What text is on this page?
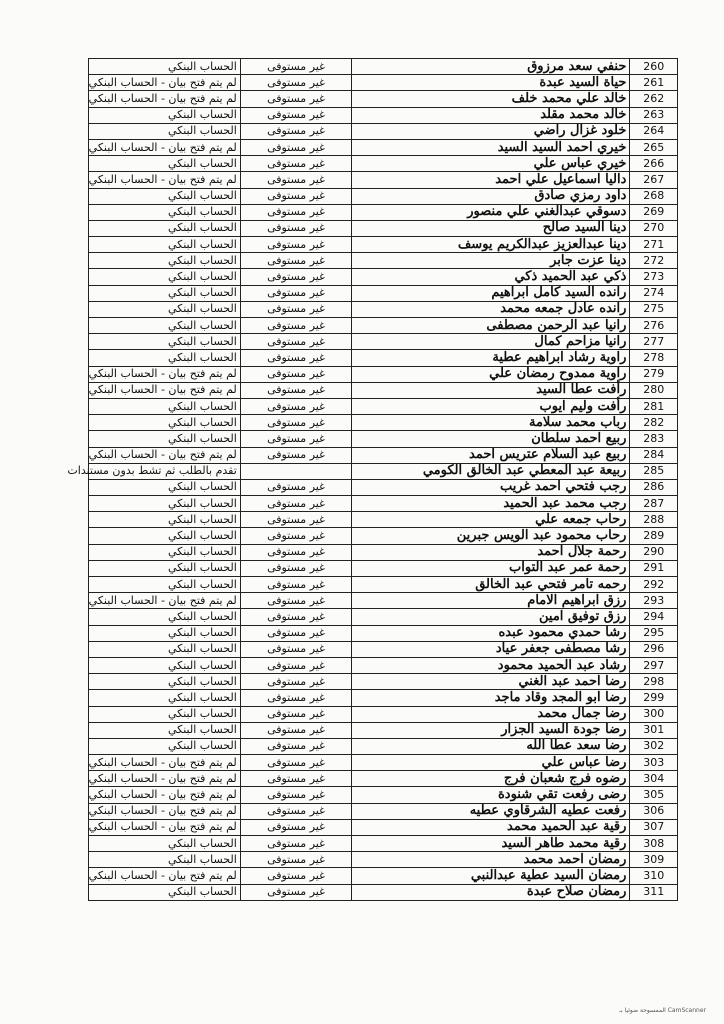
الحساب البنكي	غير مستوفى	حنفي سعد مرزوق	260
لم يتم فتح بيان - الحساب البنكي	غير مستوفى	حياة السيد عبدة	261
لم يتم فتح بيان - الحساب البنكي	غير مستوفى	خالد علي محمد خلف	262
الحساب البنكي	غير مستوفى	خالد محمد مقلد	263
الحساب البنكي	غير مستوفى	خلود غزال راضي	264
لم يتم فتح بيان - الحساب البنكي	غير مستوفى	خيري احمد السيد السيد	265
الحساب البنكي	غير مستوفى	خيري عباس علي	266
لم يتم فتح بيان - الحساب البنكي	غير مستوفى	داليا اسماعيل علي احمد	267
الحساب البنكي	غير مستوفى	داود رمزي صادق	268
الحساب البنكي	غير مستوفى	دسوقي عبدالغني علي منصور	269
الحساب البنكي	غير مستوفى	دينا السيد صالح	270
الحساب البنكي	غير مستوفى	دينا عبدالعزيز عبدالكريم يوسف	271
الحساب البنكي	غير مستوفى	دينا عزت جابر	272
الحساب البنكي	غير مستوفى	ذكي عبد الحميد ذكي	273
الحساب البنكي	غير مستوفى	رانده السيد كامل ابراهيم	274
الحساب البنكي	غير مستوفى	رانده عادل جمعه محمد	275
الحساب البنكي	غير مستوفى	رانيا عبد الرحمن مصطفى	276
الحساب البنكي	غير مستوفى	رانيا مزاحم كمال	277
الحساب البنكي	غير مستوفى	راوية رشاد ابراهيم عطية	278
لم يتم فتح بيان - الحساب البنكي	غير مستوفى	راوية ممدوح رمضان علي	279
لم يتم فتح بيان - الحساب البنكي	غير مستوفى	رأفت عطا السيد	280
الحساب البنكي	غير مستوفى	رأفت وليم ايوب	281
الحساب البنكي	غير مستوفى	رباب محمد سلامة	282
الحساب البنكي	غير مستوفى	ربيع احمد سلطان	283
لم يتم فتح بيان - الحساب البنكي	غير مستوفى	ربيع عبد السلام عتريس احمد	284
تقدم بالطلب ثم تشط بدون مستندات		ربيعة عبد المعطي عبد الخالق الكومي	285
الحساب البنكي	غير مستوفى	رجب فتحي احمد غريب	286
الحساب البنكي	غير مستوفى	رجب محمد عبد الحميد	287
الحساب البنكي	غير مستوفى	رحاب جمعه علي	288
الحساب البنكي	غير مستوفى	رحاب محمود عبد الويس جبرين	289
الحساب البنكي	غير مستوفى	رحمة جلال احمد	290
الحساب البنكي	غير مستوفى	رحمة عمر عبد التواب	291
الحساب البنكي	غير مستوفى	رحمه تامر فتحي عبد الخالق	292
لم يتم فتح بيان - الحساب البنكي	غير مستوفى	رزق ابراهيم الامام	293
الحساب البنكي	غير مستوفى	رزق توفيق امين	294
الحساب البنكي	غير مستوفى	رشا حمدي محمود عبده	295
الحساب البنكي	غير مستوفى	رشا مصطفى جعفر عياد	296
الحساب البنكي	غير مستوفى	رشاد عبد الحميد محمود	297
الحساب البنكي	غير مستوفى	رضا احمد عبد الغني	298
الحساب البنكي	غير مستوفى	رضا ابو المجد وقاد ماجد	299
الحساب البنكي	غير مستوفى	رضا جمال محمد	300
الحساب البنكي	غير مستوفى	رضا جودة السيد الجزار	301
الحساب البنكي	غير مستوفى	رضا سعد عطا الله	302
لم يتم فتح بيان - الحساب البنكي	غير مستوفى	رضا عباس علي	303
لم يتم فتح بيان - الحساب البنكي	غير مستوفى	رضوه فرج شعبان فرج	304
لم يتم فتح بيان - الحساب البنكي	غير مستوفى	رضى رفعت تقي شنودة	305
لم يتم فتح بيان - الحساب البنكي	غير مستوفى	رفعت عطيه الشرقاوي عطيه	306
لم يتم فتح بيان - الحساب البنكي	غير مستوفى	رقية عبد الحميد محمد	307
الحساب البنكي	غير مستوفى	رقية محمد طاهر السيد	308
الحساب البنكي	غير مستوفى	رمضان احمد محمد	309
لم يتم فتح بيان - الحساب البنكي	غير مستوفى	رمضان السيد عطية عبدالنبي	310
الحساب البنكي	غير مستوفى	رمضان صلاح عبدة	311
الممسوحة ضوئيا بـ CamScanner
